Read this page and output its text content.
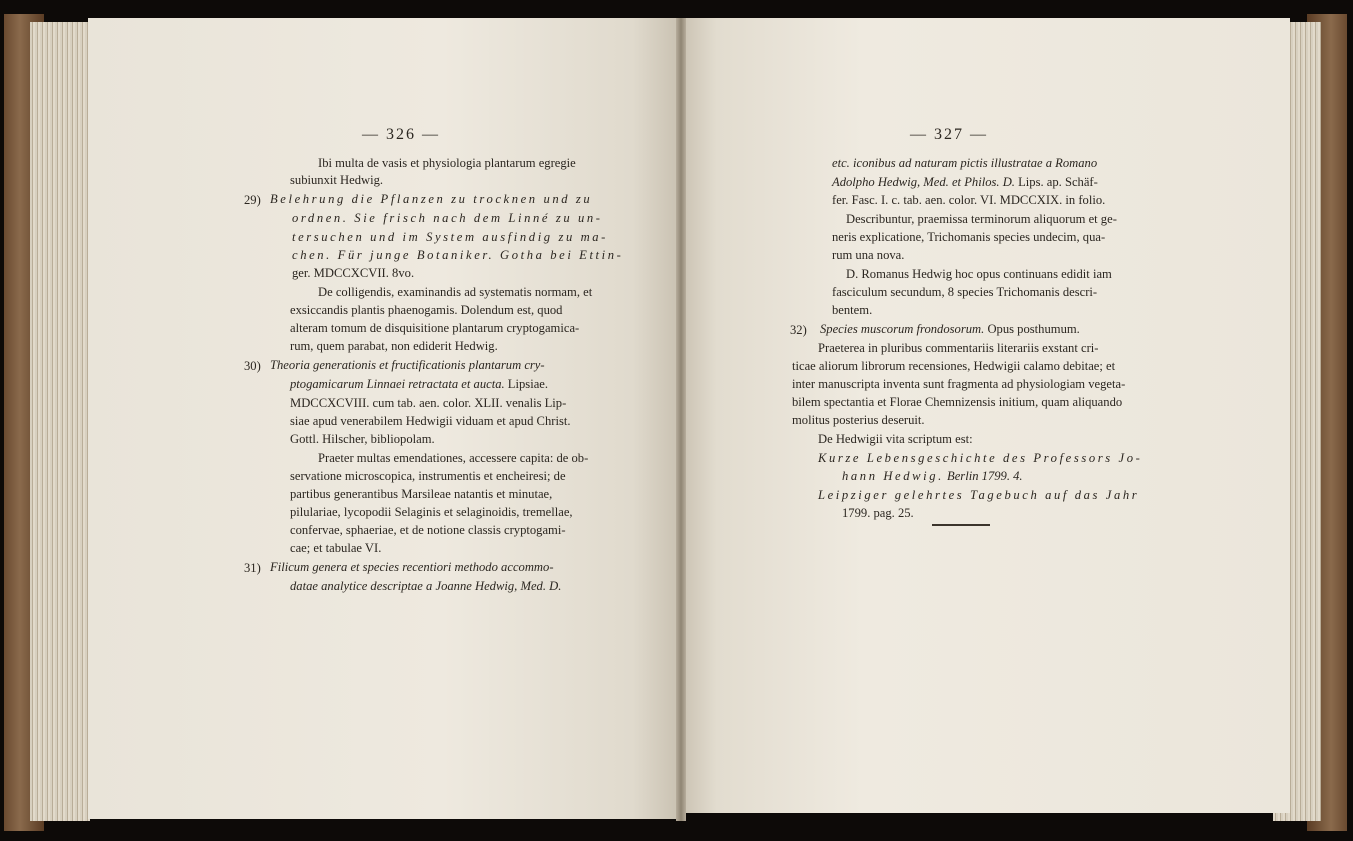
— 326 —
Ibi multa de vasis et physiologia plantarum egregie
subiunxit Hedwig.
29) Belehrung die Pflanzen zu trocknen und zu
ordnen. Sie frisch nach dem Linné zu un-
tersuchen und im System ausfindig zu ma-
chen. Für junge Botaniker. Gotha bei Ettin-
ger. MDCCXCVII. 8vo.
De colligendis, examinandis ad systematis normam, et
exsiccandis plantis phaenogamis. Dolendum est, quod
alteram tomum de disquisitione plantarum cryptogamica-
rum, quem parabat, non ediderit Hedwig.
30) Theoria generationis et fructificationis plantarum cry-
ptogamicarum Linnaei retractata et aucta. Lipsiae.
MDCCXCVIII. cum tab. aen. color. XLII. venalis Lip-
siae apud venerabilem Hedwigii viduam et apud Christ.
Gottl. Hilscher, bibliopolam.
Praeter multas emendationes, accessere capita: de ob-
servatione microscopica, instrumentis et encheiresi; de
partibus generantibus Marsileae natantis et minutae,
pilulariae, lycopodii Selaginis et selaginoidis, tremellae,
confervae, sphaeriae, et de notione classis cryptogami-
cae; et tabulae VI.
31) Filicum genera et species recentiori methodo accommo-
datae analytice descriptae a Joanne Hedwig, Med. D.
— 327 —
etc. iconibus ad naturam pictis illustratae a Romano
Adolpho Hedwig, Med. et Philos. D. Lips. ap. Schäf-
fer. Fasc. I. c. tab. aen. color. VI. MDCCXIX. in folio.
Describuntur, praemissa terminorum aliquorum et ge-
neris explicatione, Trichomanis species undecim, qua-
rum una nova.
D. Romanus Hedwig hoc opus continuans edidit iam
fasciculum secundum, 8 species Trichomanis descri-
bentem.
32) Species muscorum frondosorum. Opus posthumum.
Praeterea in pluribus commentariis literariis exstant cri-
ticae aliorum librorum recensiones, Hedwigii calamo debitae; et
inter manuscripta inventa sunt fragmenta ad physiologiam vegeta-
bilem spectantia et Florae Chemnizensis initium, quam aliquando
molitus posterius deseruit.
De Hedwigii vita scriptum est:
Kurze Lebensgeschichte des Professors Jo-
hann Hedwig. Berlin 1799. 4.
Leipziger gelehrtes Tagebuch auf das Jahr
1799. pag. 25.
